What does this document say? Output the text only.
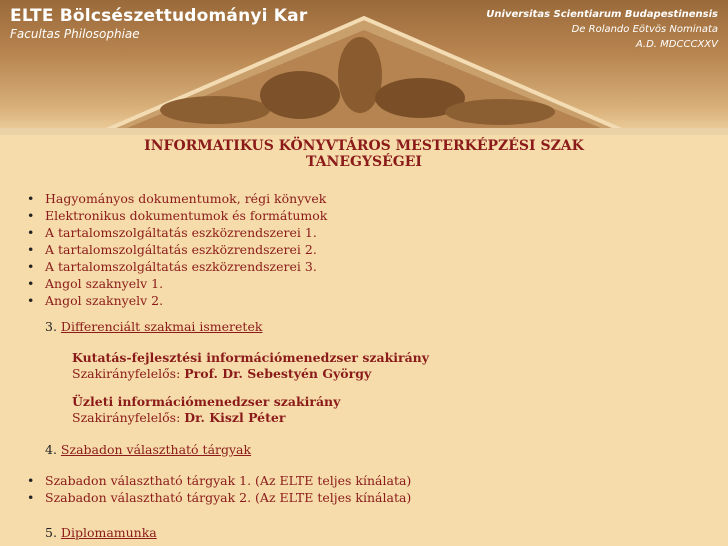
ELTE Bölcsészettudományi Kar
Facultas Philosophiae
Universitas Scientiarum Budapestinensis
De Rolando Eötvös Nominata
A.D. MDCCCXXV
INFORMATIKUS KÖNYVTÁROS MESTERKÉPZÉSI SZAK
TANEGYSÉGEI
• Hagyományos dokumentumok, régi könyvek
• Elektronikus dokumentumok és formátumok
• A tartalomszolgáltatás eszközrendszerei 1.
• A tartalomszolgáltatás eszközrendszerei 2.
• A tartalomszolgáltatás eszközrendszerei 3.
• Angol szaknyelv 1.
• Angol szaknyelv 2.
3. Differenciált szakmai ismeretek
Kutatás-fejlesztési információmenedzser szakirány
Szakirányfelelős: Prof. Dr. Sebestyén György
Üzleti információmenedzser szakirány
Szakirányfelelős: Dr. Kiszl Péter
4. Szabadon választható tárgyak
• Szabadon választható tárgyak 1. (Az ELTE teljes kínálata)
• Szabadon választható tárgyak 2. (Az ELTE teljes kínálata)
5. Diplomamunka
